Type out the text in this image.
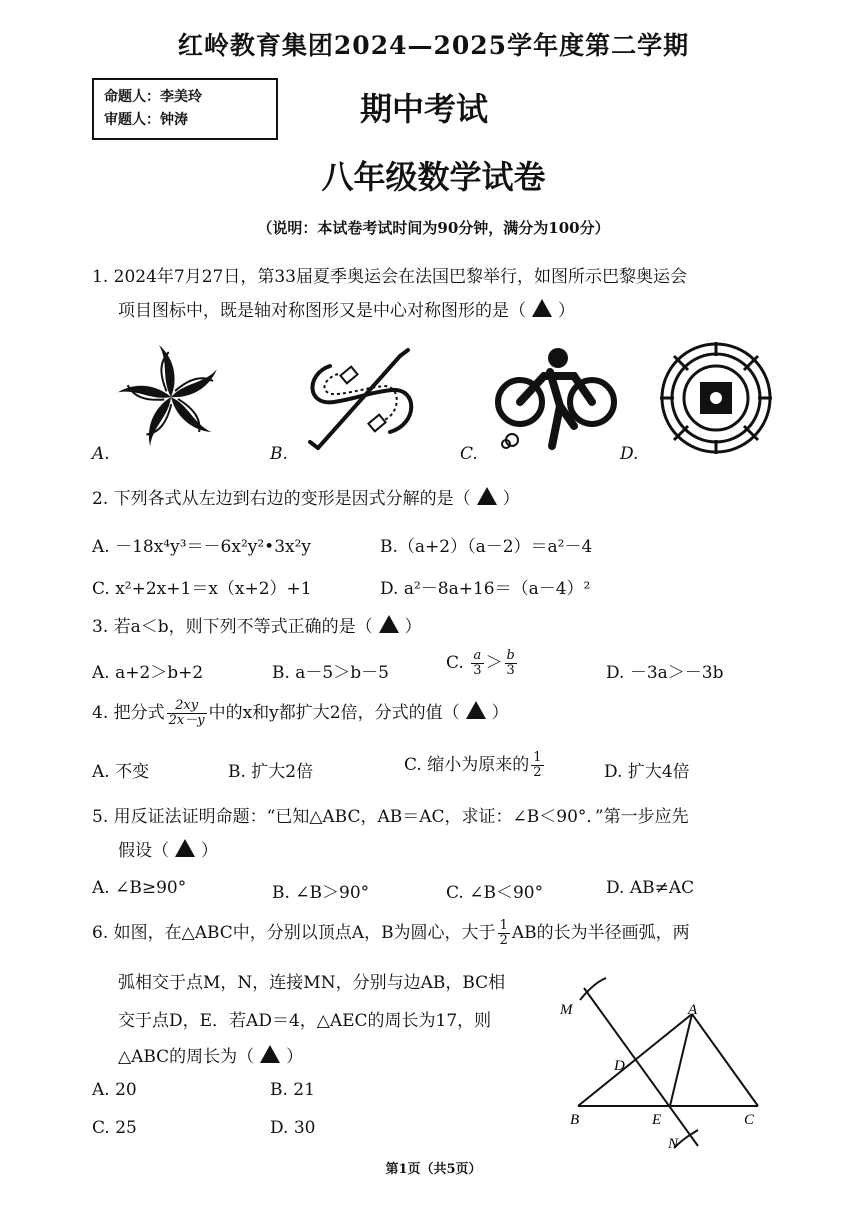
红岭教育集团2024—2025学年度第二学期
命题人：李美玲
审题人：钟涛	期中考试
八年级数学试卷
（说明：本试卷考试时间为90分钟，满分为100分）
1. 2024年7月27日，第33届夏季奥运会在法国巴黎举行，如图所示巴黎奥运会
项目图标中，既是轴对称图形又是中心对称图形的是（ ）
A.	B.	C.	D.
2. 下列各式从左边到右边的变形是因式分解的是（ ）
A. －18x⁴y³＝－6x²y²•3x²y	B.（a+2）（a－2）＝a²－4
C. x²+2x+1＝x（x+2）+1	D. a²－8a+16＝（a－4）²
3. 若a＜b，则下列不等式正确的是（ ）
A. a+2＞b+2	B. a－5＞b－5	C. $\frac{a}{3} > \frac{b}{3}$	D. －3a＞－3b
4. 把分式 $\frac{2xy}{2x-y}$ 中的x和y都扩大2倍，分式的值（ ）
A. 不变	B. 扩大2倍	C. 缩小为原来的 $\frac{1}{2}$	D. 扩大4倍
5. 用反证法证明命题：“已知△ABC，AB＝AC，求证：∠B＜90°．”第一步应先
假设（ ）
A. ∠B≥90°	B. ∠B＞90°	C. ∠B＜90°	D. AB≠AC
6. 如图，在△ABC中，分别以顶点A，B为圆心，大于 $\frac{1}{2}$ AB的长为半径画弧，两
弧相交于点M，N，连接MN，分别与边AB，BC相
交于点D，E．若AD＝4，△AEC的周长为17，则
△ABC的周长为（ ）
A. 20	B. 21
C. 25	D. 30
M	A
D
B	E	C
N
第1页（共5页）
